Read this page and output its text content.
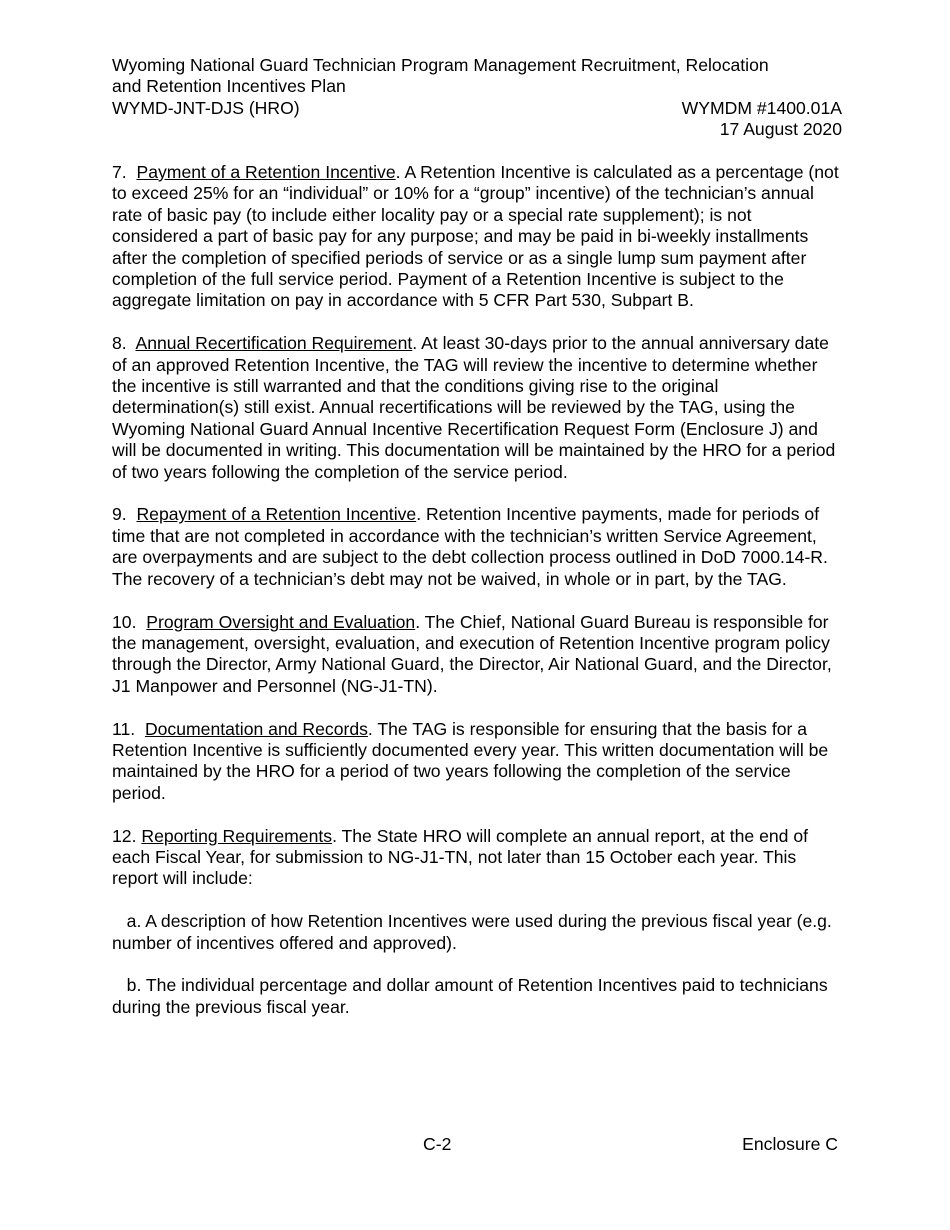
Wyoming National Guard Technician Program Management Recruitment, Relocation
and Retention Incentives Plan
WYMD-JNT-DJS (HRO)	WYMDM #1400.01A
17 August 2020

7. Payment of a Retention Incentive. A Retention Incentive is calculated as a percentage (not to exceed 25% for an “individual” or 10% for a “group” incentive) of the technician’s annual rate of basic pay (to include either locality pay or a special rate supplement); is not considered a part of basic pay for any purpose; and may be paid in bi-weekly installments after the completion of specified periods of service or as a single lump sum payment after completion of the full service period. Payment of a Retention Incentive is subject to the aggregate limitation on pay in accordance with 5 CFR Part 530, Subpart B.

8. Annual Recertification Requirement. At least 30-days prior to the annual anniversary date of an approved Retention Incentive, the TAG will review the incentive to determine whether the incentive is still warranted and that the conditions giving rise to the original determination(s) still exist. Annual recertifications will be reviewed by the TAG, using the Wyoming National Guard Annual Incentive Recertification Request Form (Enclosure J) and will be documented in writing. This documentation will be maintained by the HRO for a period of two years following the completion of the service period.

9. Repayment of a Retention Incentive. Retention Incentive payments, made for periods of time that are not completed in accordance with the technician’s written Service Agreement, are overpayments and are subject to the debt collection process outlined in DoD 7000.14-R. The recovery of a technician’s debt may not be waived, in whole or in part, by the TAG.

10. Program Oversight and Evaluation. The Chief, National Guard Bureau is responsible for the management, oversight, evaluation, and execution of Retention Incentive program policy through the Director, Army National Guard, the Director, Air National Guard, and the Director, J1 Manpower and Personnel (NG-J1-TN).

11. Documentation and Records. The TAG is responsible for ensuring that the basis for a Retention Incentive is sufficiently documented every year. This written documentation will be maintained by the HRO for a period of two years following the completion of the service period.

12. Reporting Requirements. The State HRO will complete an annual report, at the end of each Fiscal Year, for submission to NG-J1-TN, not later than 15 October each year. This report will include:

a. A description of how Retention Incentives were used during the previous fiscal year (e.g. number of incentives offered and approved).

b. The individual percentage and dollar amount of Retention Incentives paid to technicians during the previous fiscal year.

C-2	Enclosure C
